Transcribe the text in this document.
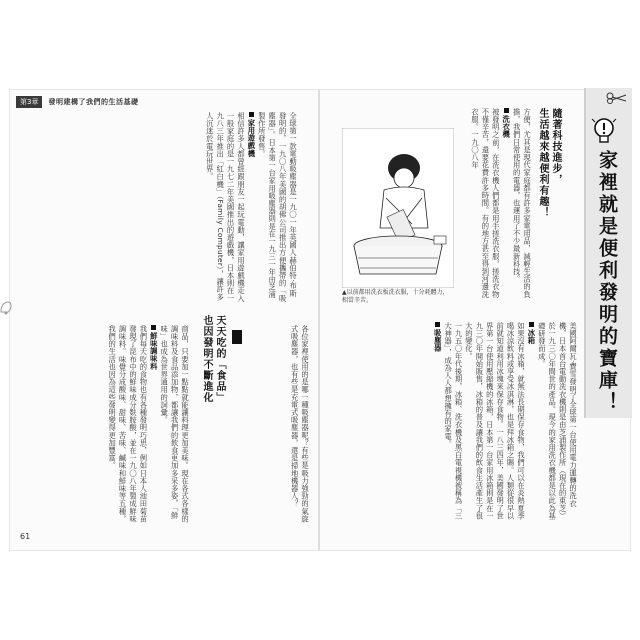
第3章	發明建構了我們的生活基礎

全球第一款電動吸塵器是一九〇一年英國人赫伯特·布斯發明的，一九〇八年美國的胡佛公司推出方便攜帶的「吸塵器」。日本第一台家用吸塵器則是在一九三一年由芝浦製作所發售。

家用遊戲機

相信許多人都曾經跟朋友一起玩電動，讓家用遊戲機走入一般家庭的是一九七二年美國推出的遊戲機，日本則在一九八三年推出「紅白機」（Family Computer），讓許多人沉迷於電玩世界。

商品，只要加一點點就能讓料理更加美味。現在各式各樣的調味料及食品添加物，都讓我們的飲食更加多采多姿，「鮮味」也成為世界通用的詞彙。

鮮味調味料

我們每天吃的食物也有各種發明巧思，例如日本人池田菊苗發現了昆布中的鮮味成分麩胺酸，並在一九〇八年製成鮮味調味料。味覺分成酸味、甜味、苦味、鹹味和鮮味等五種，我們的生活也因為這些發明變得更加豐富。	天天吃的「食品」
也因發明不斷進化	各位家裡使用的是哪一種吸塵器呢？有些是吸力強勁的氣旋式吸塵器，也有些是充電式吸塵器，還是掃地機器人？

61
隨著科技進步，
生活越來越便利有趣！

方便，尤其是現代家庭都有許多家電用品，減輕生活的負擔，我們日常使用的電器，也運用了不少最新科技。

洗衣機

被發明之前，在洗衣機人們都是用手搓洗衣服，搓洗衣物不僅辛苦，還要花費許多時間。有的地方甚至得到河邊洗衣服。一九〇八年

▲以前都用洗衣板洗衣服，十分耗體力，相當辛苦。

美國阿爾瓦·費雪發明了全球第一台使用電力運轉的洗衣機，日本首台電動洗衣機則是由芝浦製作所（現在的東芝）於一九三〇年間世的產品。現今的家用洗衣機都是以此為基礎研發而成。

冰箱

如果沒有冰箱，就無法長期保存食物，我們可以在炎熱夏季喝冰涼飲料或享受冰淇淋，也是拜冰箱之賜。人類從很早以前就知道利用冰塊來保存食物。一八三四年，美國發明了世界第一台使用壓縮機的冰箱，日本第一台家用冰箱則是在一九三〇年開始販售，冰箱的普及讓我們的飲食生活產生了很大的變化。

一九五〇年代後期，冰箱、洗衣機及黑白電視機被稱為「三大神器」，成為人人都想擁有的家電。

吸塵器	家裡就是便利發明的寶庫！
